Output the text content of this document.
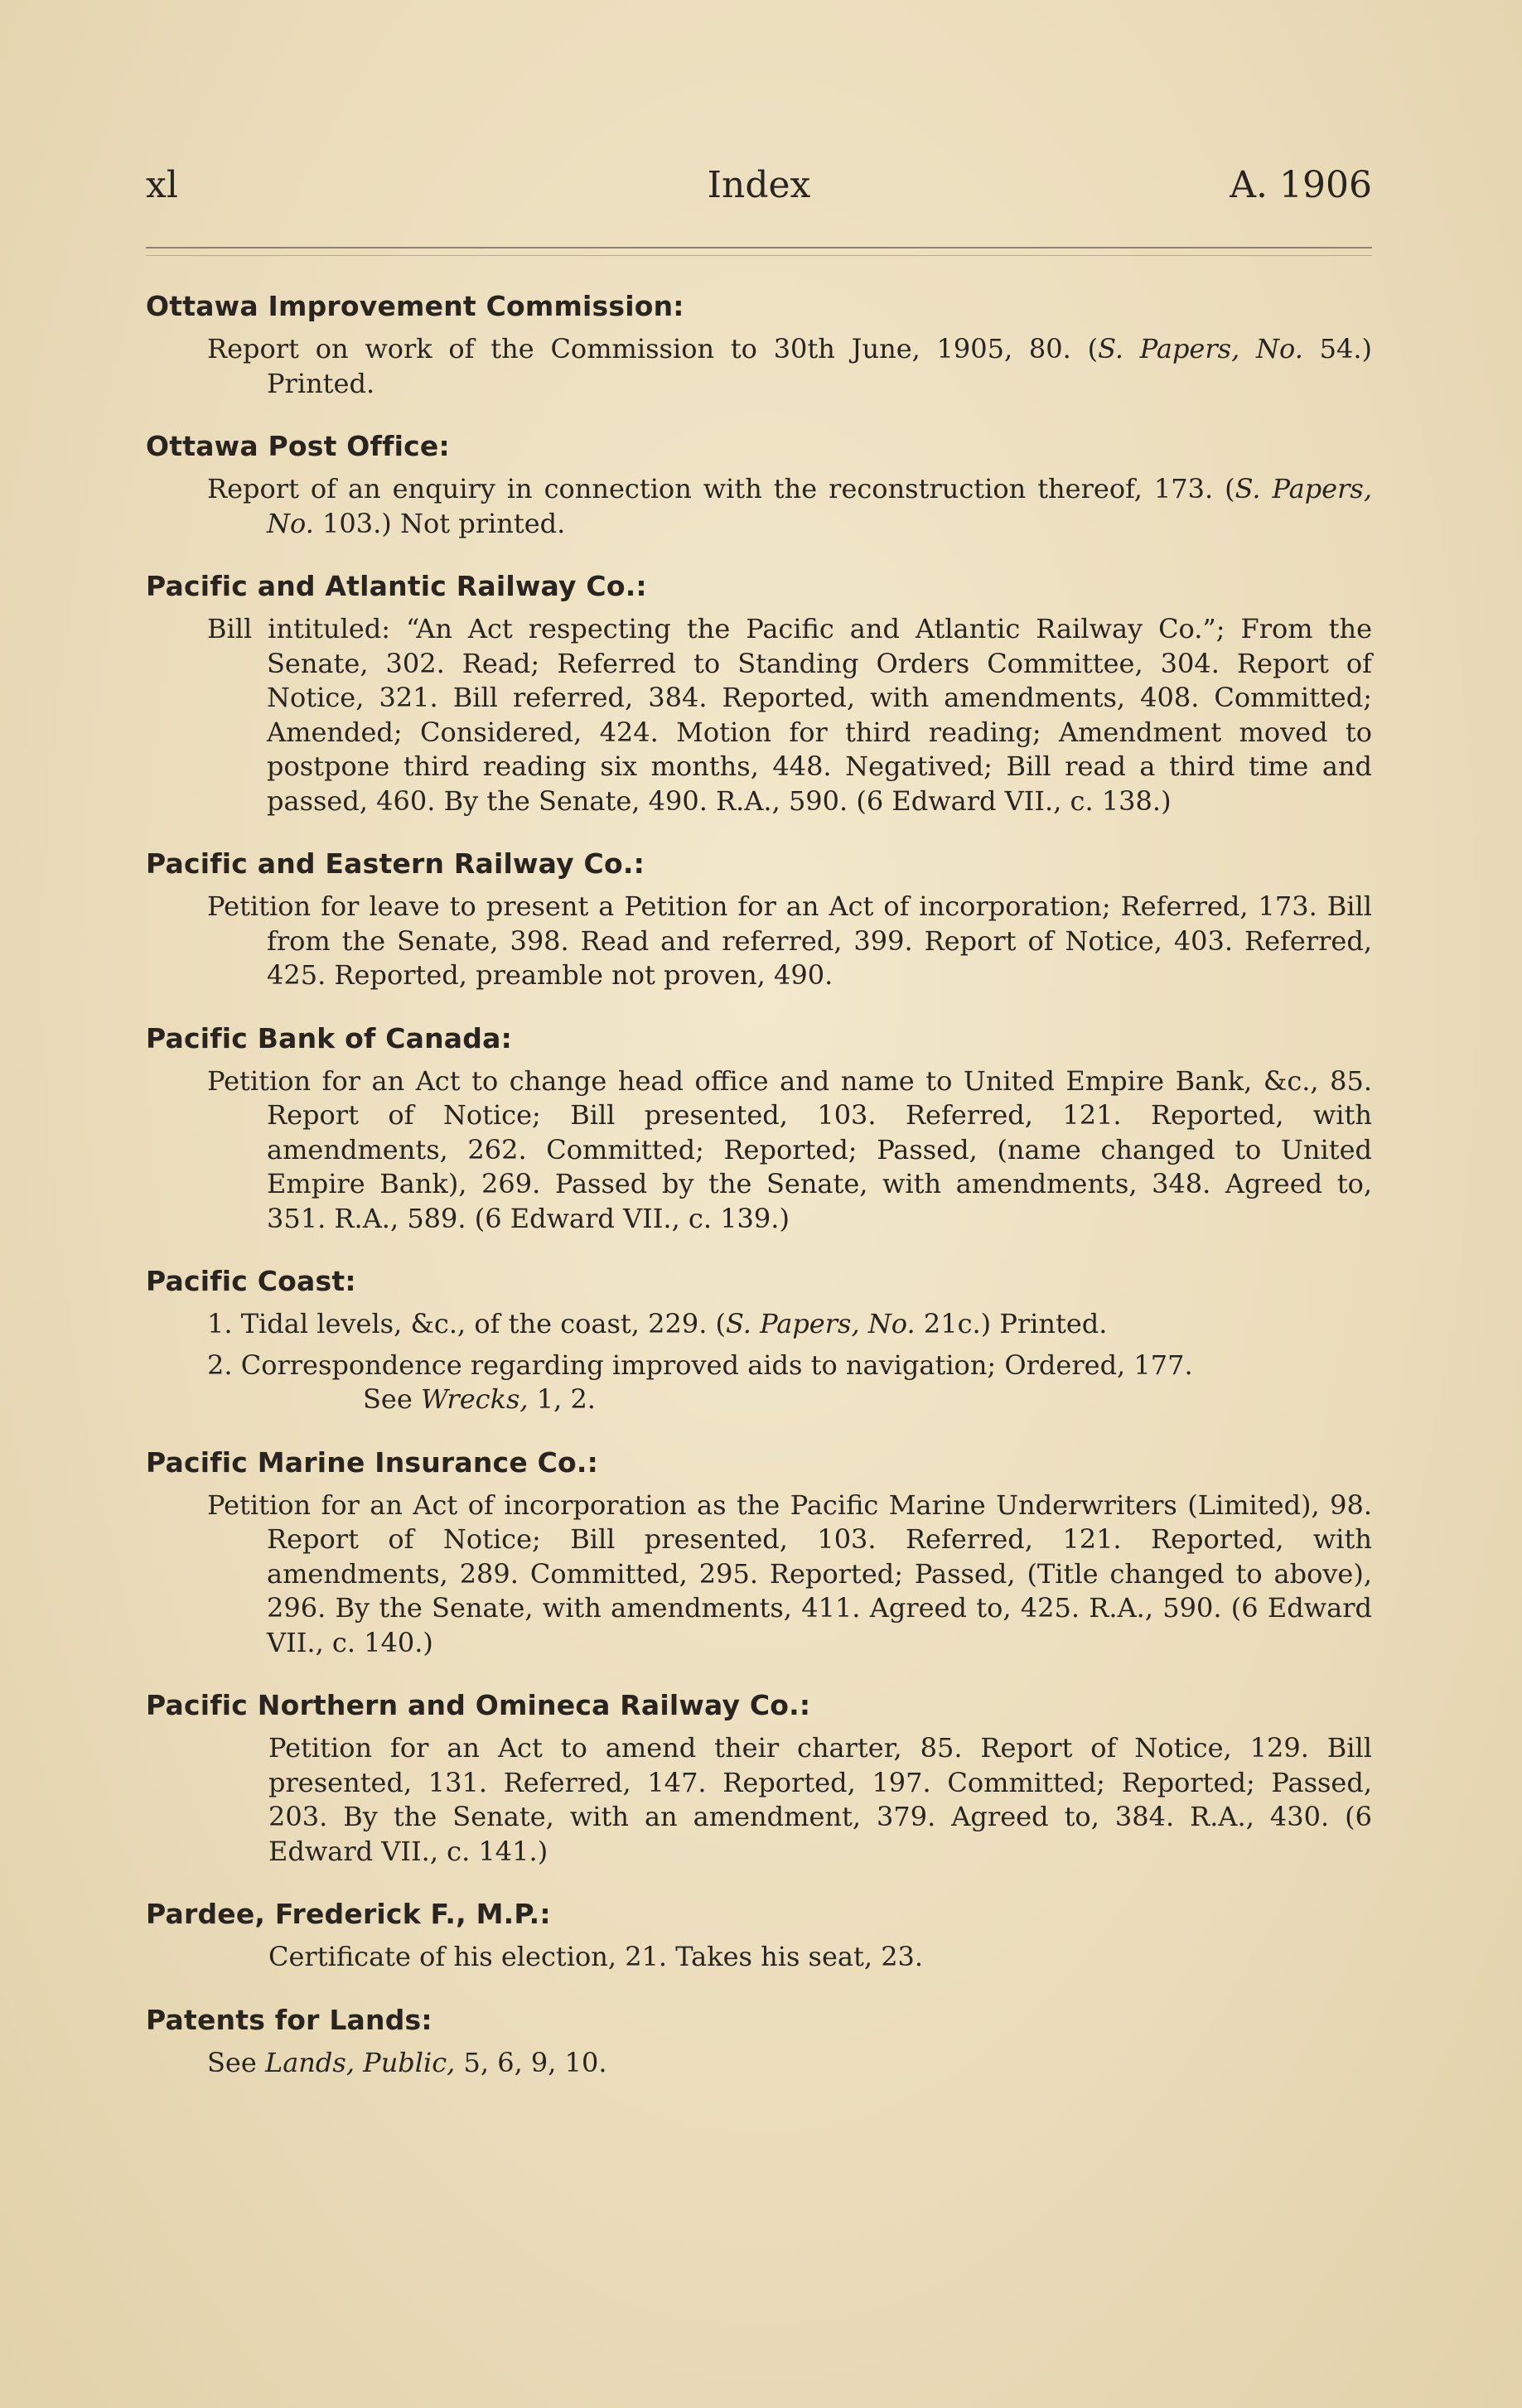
xl	Index	A. 1906
Ottawa Improvement Commission:
Report on work of the Commission to 30th June, 1905, 80. (S. Papers, No. 54.) Printed.
Ottawa Post Office:
Report of an enquiry in connection with the reconstruction thereof, 173. (S. Papers, No. 103.) Not printed.
Pacific and Atlantic Railway Co.:
Bill intituled: “An Act respecting the Pacific and Atlantic Railway Co.”; From the Senate, 302. Read; Referred to Standing Orders Committee, 304. Report of Notice, 321. Bill referred, 384. Reported, with amendments, 408. Committed; Amended; Considered, 424. Motion for third reading; Amendment moved to postpone third reading six months, 448. Negatived; Bill read a third time and passed, 460. By the Senate, 490. R.A., 590. (6 Edward VII., c. 138.)
Pacific and Eastern Railway Co.:
Petition for leave to present a Petition for an Act of incorporation; Referred, 173. Bill from the Senate, 398. Read and referred, 399. Report of Notice, 403. Referred, 425. Reported, preamble not proven, 490.
Pacific Bank of Canada:
Petition for an Act to change head office and name to United Empire Bank, &c., 85. Report of Notice; Bill presented, 103. Referred, 121. Reported, with amendments, 262. Committed; Reported; Passed, (name changed to United Empire Bank), 269. Passed by the Senate, with amendments, 348. Agreed to, 351. R.A., 589. (6 Edward VII., c. 139.)
Pacific Coast:
1. Tidal levels, &c., of the coast, 229. (S. Papers, No. 21c.) Printed.
2. Correspondence regarding improved aids to navigation; Ordered, 177.
See Wrecks, 1, 2.
Pacific Marine Insurance Co.:
Petition for an Act of incorporation as the Pacific Marine Underwriters (Limited), 98. Report of Notice; Bill presented, 103. Referred, 121. Reported, with amendments, 289. Committed, 295. Reported; Passed, (Title changed to above), 296. By the Senate, with amendments, 411. Agreed to, 425. R.A., 590. (6 Edward VII., c. 140.)
Pacific Northern and Omineca Railway Co.:
Petition for an Act to amend their charter, 85. Report of Notice, 129. Bill presented, 131. Referred, 147. Reported, 197. Committed; Reported; Passed, 203. By the Senate, with an amendment, 379. Agreed to, 384. R.A., 430. (6 Edward VII., c. 141.)
Pardee, Frederick F., M.P.:
Certificate of his election, 21. Takes his seat, 23.
Patents for Lands:
See Lands, Public, 5, 6, 9, 10.
